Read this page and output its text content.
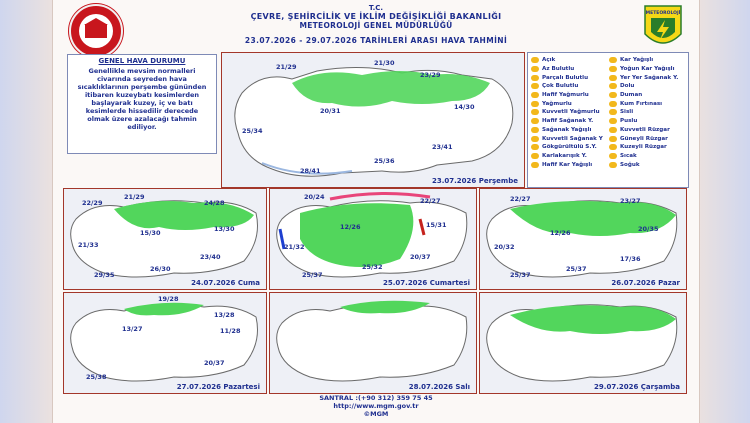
T.C.
ÇEVRE, ŞEHİRCİLİK VE İKLİM DEĞİŞİKLİĞİ BAKANLIĞI
METEOROLOJİ GENEL MÜDÜRLÜĞÜ
23.07.2026 - 29.07.2026 TARİHLERİ ARASI HAVA TAHMİNİ
METEOROLOJİ
GENEL HAVA DURUMU
Genellikle mevsim normalleri civarında seyreden hava sıcaklıklarının perşembe gününden itibaren kuzeybatı kesimlerden başlayarak kuzey, iç ve batı kesimlerde hissedilir derecede olmak üzere azalacağı tahmin ediliyor.
21/29	21/30
23/29
20/31	14/30
25/34
23/41
25/36
28/41
23.07.2026 Perşembe
Açık
Az Bulutlu
Parçalı Bulutlu
Çok Bulutlu
Hafif Yağmurlu
Yağmurlu
Kuvvetli Yağmurlu
Hafif Sağanak Y.
Sağanak Yağışlı
Kuvvetli Sağanak Y
Gökgürültülü S.Y.
Karlakarışık Y.
Hafif Kar Yağışlı
Kar Yağışlı
Yoğun Kar Yağışlı
Yer Yer Sağanak Y.
Dolu
Duman
Kum Fırtınası
Sisli
Puslu
Kuvvetli Rüzgar
Güneyli Rüzgar
Kuzeyli Rüzgar
Sıcak
Soğuk
21/29
22/29	24/28
15/30	13/30
21/33
23/40
26/30
29/35
24.07.2026 Cuma
20/24	22/27
12/26	15/31
21/32
20/37
25/32
25/37
25.07.2026 Cumartesi
22/27	23/27
20/35
12/26
20/32
17/36
25/37
25/37
26.07.2026 Pazar
19/28
13/27
13/28
11/28
20/37
25/38
27.07.2026 Pazartesi	28.07.2026 Salı	29.07.2026 Çarşamba
SANTRAL :(+90 312) 359 75 45
http://www.mgm.gov.tr
©MGM
